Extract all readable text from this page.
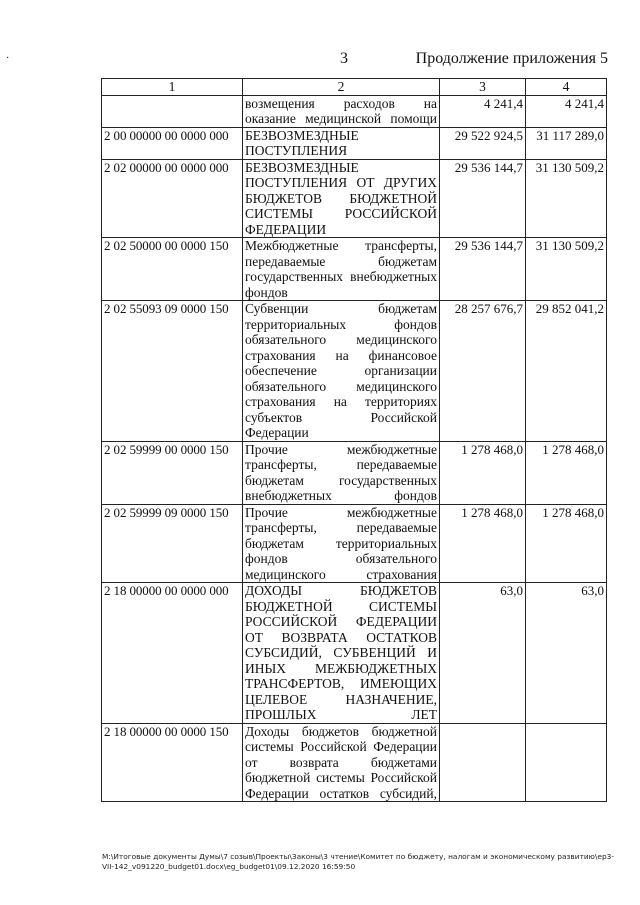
·	3	Продолжение приложения 5
1	2	3	4
	возмещения расходов на оказание медицинской помощи	4 241,4	4 241,4
2 00 00000 00 0000 000	БЕЗВОЗМЕЗДНЫЕ ПОСТУПЛЕНИЯ	29 522 924,5	31 117 289,0
2 02 00000 00 0000 000	БЕЗВОЗМЕЗДНЫЕ ПОСТУПЛЕНИЯ ОТ ДРУГИХ БЮДЖЕТОВ БЮДЖЕТНОЙ СИСТЕМЫ РОССИЙСКОЙ ФЕДЕРАЦИИ	29 536 144,7	31 130 509,2
2 02 50000 00 0000 150	Межбюджетные трансферты, передаваемые бюджетам государственных внебюджетных фондов	29 536 144,7	31 130 509,2
2 02 55093 09 0000 150	Субвенции бюджетам территориальных фондов обязательного медицинского страхования на финансовое обеспечение организации обязательного медицинского страхования на территориях субъектов Российской Федерации	28 257 676,7	29 852 041,2
2 02 59999 00 0000 150	Прочие межбюджетные трансферты, передаваемые бюджетам государственных внебюджетных фондов	1 278 468,0	1 278 468,0
2 02 59999 09 0000 150	Прочие межбюджетные трансферты, передаваемые бюджетам территориальных фондов обязательного медицинского страхования	1 278 468,0	1 278 468,0
2 18 00000 00 0000 000	ДОХОДЫ БЮДЖЕТОВ БЮДЖЕТНОЙ СИСТЕМЫ РОССИЙСКОЙ ФЕДЕРАЦИИ ОТ ВОЗВРАТА ОСТАТКОВ СУБСИДИЙ, СУБВЕНЦИЙ И ИНЫХ МЕЖБЮДЖЕТНЫХ ТРАНСФЕРТОВ, ИМЕЮЩИХ ЦЕЛЕВОЕ НАЗНАЧЕНИЕ, ПРОШЛЫХ ЛЕТ	63,0	63,0
2 18 00000 00 0000 150	Доходы бюджетов бюджетной системы Российской Федерации от возврата бюджетами бюджетной системы Российской Федерации остатков субсидий,		
M:\Итоговые документы Думы\7 созыв\Проекты\Законы\3 чтение\Комитет по бюджету, налогам и экономическому развитию\ep3-VII-142_v091220_budget01.docx\eg_budget01\09.12.2020 16:59:50
